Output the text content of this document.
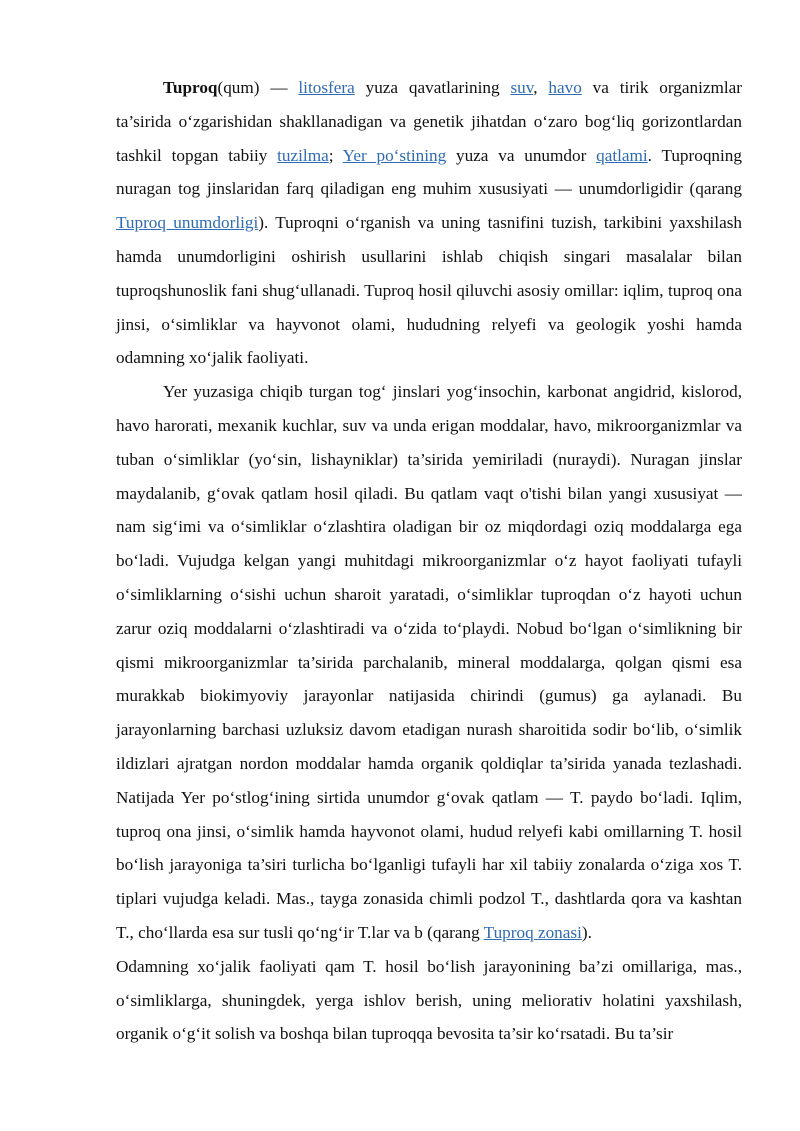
Tuproq(qum) — litosfera yuza qavatlarining suv, havo va tirik organizmlar ta’sirida o‘zgarishidan shakllanadigan va genetik jihatdan o‘zaro bog‘liq gorizontlardan tashkil topgan tabiiy tuzilma; Yer po‘stining yuza va unumdor qatlami. Tuproqning nuragan tog jinslaridan farq qiladigan eng muhim xususiyati — unumdorligidir (qarang Tuproq unumdorligi). Tuproqni o‘rganish va uning tasnifini tuzish, tarkibini yaxshilash hamda unumdorligini oshirish usullarini ishlab chiqish singari masalalar bilan tuproqshunoslik fani shug‘ullanadi. Tuproq hosil qiluvchi asosiy omillar: iqlim, tuproq ona jinsi, o‘simliklar va hayvonot olami, hududning relyefi va geologik yoshi hamda odamning xo‘jalik faoliyati.

Yer yuzasiga chiqib turgan tog‘ jinslari yog‘insochin, karbonat angidrid, kislorod, havo harorati, mexanik kuchlar, suv va unda erigan moddalar, havo, mikroorganizmlar va tuban o‘simliklar (yo‘sin, lishayniklar) ta’sirida yemiriladi (nuraydi). Nuragan jinslar maydalanib, g‘ovak qatlam hosil qiladi. Bu qatlam vaqt o'tishi bilan yangi xususiyat — nam sig‘imi va o‘simliklar o‘zlashtira oladigan bir oz miqdordagi oziq moddalarga ega bo‘ladi. Vujudga kelgan yangi muhitdagi mikroorganizmlar o‘z hayot faoliyati tufayli o‘simliklarning o‘sishi uchun sharoit yaratadi, o‘simliklar tuproqdan o‘z hayoti uchun zarur oziq moddalarni o‘zlashtiradi va o‘zida to‘playdi. Nobud bo‘lgan o‘simlikning bir qismi mikroorganizmlar ta’sirida parchalanib, mineral moddalarga, qolgan qismi esa murakkab biokimyoviy jarayonlar natijasida chirindi (gumus) ga aylanadi. Bu jarayonlarning barchasi uzluksiz davom etadigan nurash sharoitida sodir bo‘lib, o‘simlik ildizlari ajratgan nordon moddalar hamda organik qoldiqlar ta’sirida yanada tezlashadi. Natijada Yer po‘stlog‘ining sirtida unumdor g‘ovak qatlam — T. paydo bo‘ladi. Iqlim, tuproq ona jinsi, o‘simlik hamda hayvonot olami, hudud relyefi kabi omillarning T. hosil bo‘lish jarayoniga ta’siri turlicha bo‘lganligi tufayli har xil tabiiy zonalarda o‘ziga xos T. tiplari vujudga keladi. Mas., tayga zonasida chimli podzol T., dashtlarda qora va kashtan T., cho‘llarda esa sur tusli qo‘ng‘ir T.lar va b (qarang Tuproq zonasi).

Odamning xo‘jalik faoliyati qam T. hosil bo‘lish jarayonining ba’zi omillariga, mas., o‘simliklarga, shuningdek, yerga ishlov berish, uning meliorativ holatini yaxshilash, organik o‘g‘it solish va boshqa bilan tuproqqa bevosita ta’sir ko‘rsatadi. Bu ta’sir
